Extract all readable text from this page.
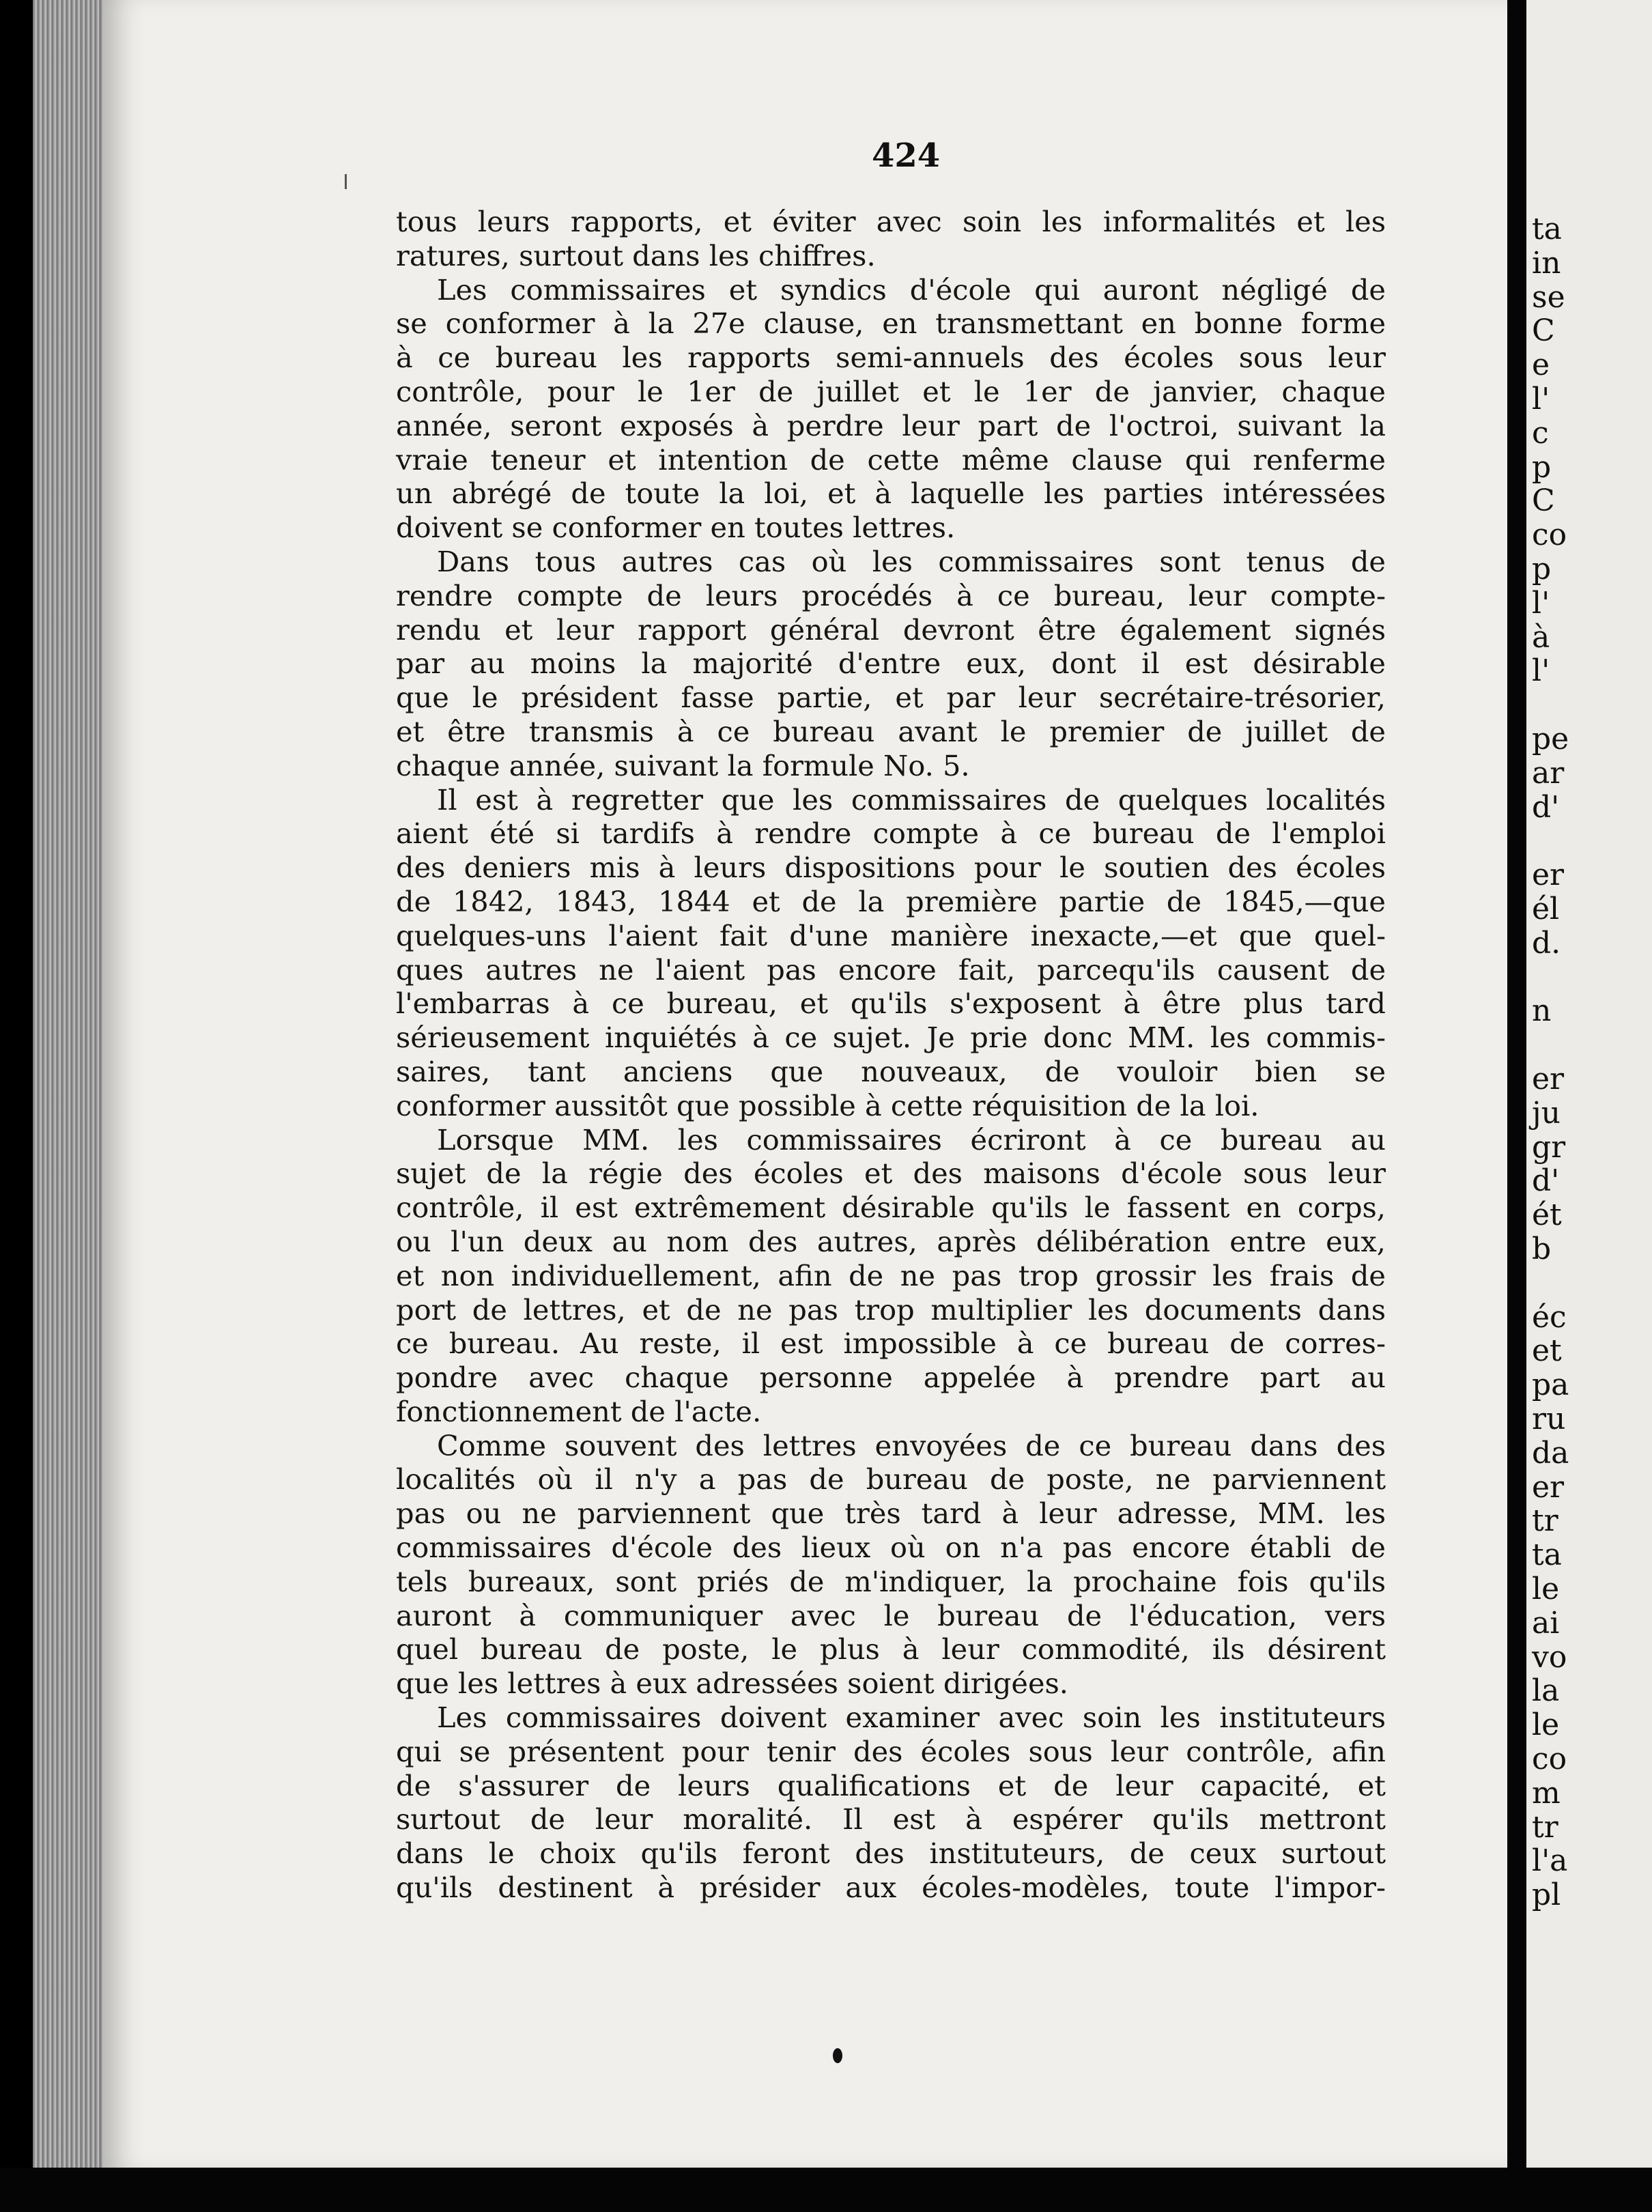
ta
in
se
C
e
l'
c
p
C
co
p
l'
à
l'
pe
ar
d'
er
él
d.
n
er
ju
gr
d'
ét
b
éc
et
pa
ru
da
er
tr
ta
le
ai
vo
la
le
co
m
tr
l'a
pl
424

tous leurs rapports, et éviter avec soin les informalités et les
ratures, surtout dans les chiffres.

Les commissaires et syndics d'école qui auront négligé de
se conformer à la 27e clause, en transmettant en bonne forme
à ce bureau les rapports semi-annuels des écoles sous leur
contrôle, pour le 1er de juillet et le 1er de janvier, chaque
année, seront exposés à perdre leur part de l'octroi, suivant la
vraie teneur et intention de cette même clause qui renferme
un abrégé de toute la loi, et à laquelle les parties intéressées
doivent se conformer en toutes lettres.

Dans tous autres cas où les commissaires sont tenus de
rendre compte de leurs procédés à ce bureau, leur compte-
rendu et leur rapport général devront être également signés
par au moins la majorité d'entre eux, dont il est désirable
que le président fasse partie, et par leur secrétaire-trésorier,
et être transmis à ce bureau avant le premier de juillet de
chaque année, suivant la formule No. 5.

Il est à regretter que les commissaires de quelques localités
aient été si tardifs à rendre compte à ce bureau de l'emploi
des deniers mis à leurs dispositions pour le soutien des écoles
de 1842, 1843, 1844 et de la première partie de 1845,—que
quelques-uns l'aient fait d'une manière inexacte,—et que quel-
ques autres ne l'aient pas encore fait, parcequ'ils causent de
l'embarras à ce bureau, et qu'ils s'exposent à être plus tard
sérieusement inquiétés à ce sujet. Je prie donc MM. les commis-
saires, tant anciens que nouveaux, de vouloir bien se
conformer aussitôt que possible à cette réquisition de la loi.

Lorsque MM. les commissaires écriront à ce bureau au
sujet de la régie des écoles et des maisons d'école sous leur
contrôle, il est extrêmement désirable qu'ils le fassent en corps,
ou l'un deux au nom des autres, après délibération entre eux,
et non individuellement, afin de ne pas trop grossir les frais de
port de lettres, et de ne pas trop multiplier les documents dans
ce bureau. Au reste, il est impossible à ce bureau de corres-
pondre avec chaque personne appelée à prendre part au
fonctionnement de l'acte.

Comme souvent des lettres envoyées de ce bureau dans des
localités où il n'y a pas de bureau de poste, ne parviennent
pas ou ne parviennent que très tard à leur adresse, MM. les
commissaires d'école des lieux où on n'a pas encore établi de
tels bureaux, sont priés de m'indiquer, la prochaine fois qu'ils
auront à communiquer avec le bureau de l'éducation, vers
quel bureau de poste, le plus à leur commodité, ils désirent
que les lettres à eux adressées soient dirigées.

Les commissaires doivent examiner avec soin les instituteurs
qui se présentent pour tenir des écoles sous leur contrôle, afin
de s'assurer de leurs qualifications et de leur capacité, et
surtout de leur moralité. Il est à espérer qu'ils mettront
dans le choix qu'ils feront des instituteurs, de ceux surtout
qu'ils destinent à présider aux écoles-modèles, toute l'impor-
